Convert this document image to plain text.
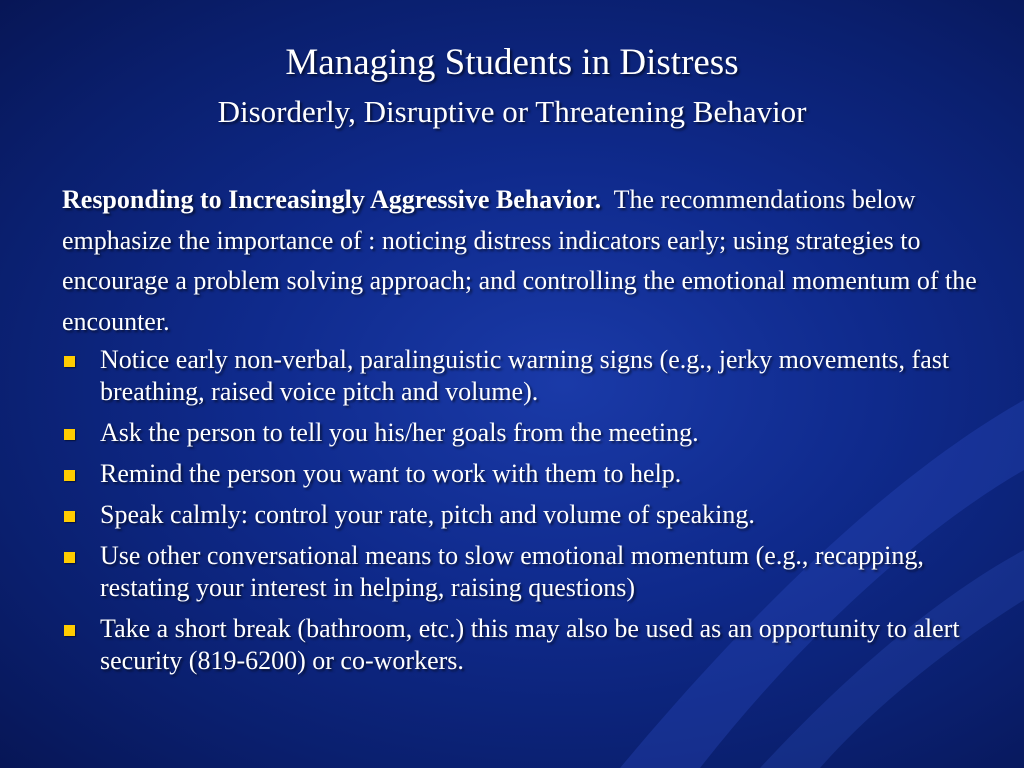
Managing Students in Distress
Disorderly, Disruptive or Threatening Behavior

Responding to Increasingly Aggressive Behavior. The recommendations below emphasize the importance of : noticing distress indicators early; using strategies to encourage a problem solving approach; and controlling the emotional momentum of the encounter.

Notice early non-verbal, paralinguistic warning signs (e.g., jerky movements, fast breathing, raised voice pitch and volume).
Ask the person to tell you his/her goals from the meeting.
Remind the person you want to work with them to help.
Speak calmly: control your rate, pitch and volume of speaking.
Use other conversational means to slow emotional momentum (e.g., recapping, restating your interest in helping, raising questions)
Take a short break (bathroom, etc.) this may also be used as an opportunity to alert security (819-6200) or co-workers.
